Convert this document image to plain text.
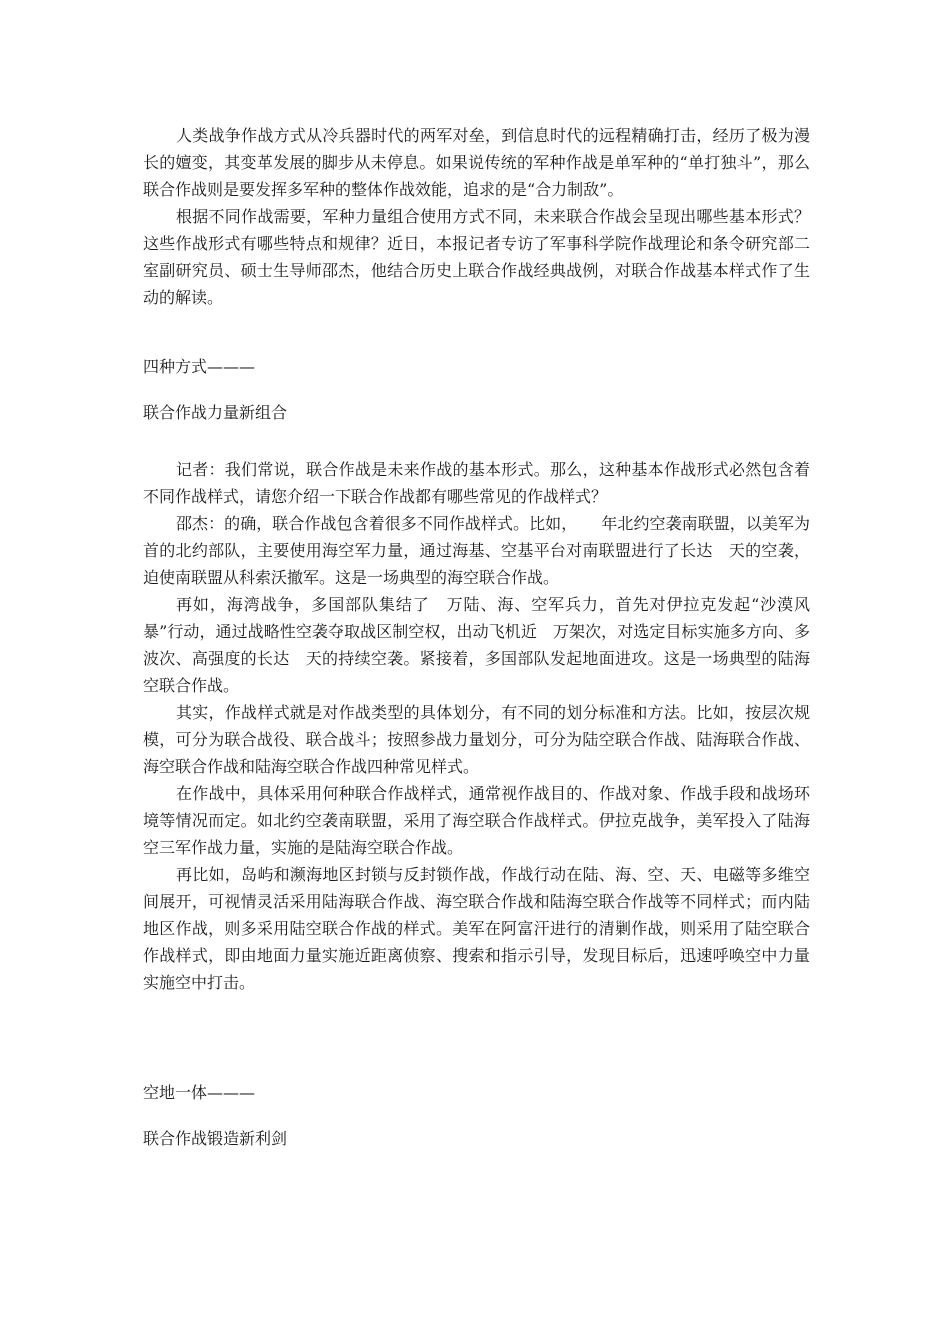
人类战争作战方式从冷兵器时代的两军对垒，到信息时代的远程精确打击，经历了极为漫长的嬗变，其变革发展的脚步从未停息。如果说传统的军种作战是单军种的“单打独斗”，那么联合作战则是要发挥多军种的整体作战效能，追求的是“合力制敌”。

根据不同作战需要，军种力量组合使用方式不同，未来联合作战会呈现出哪些基本形式？这些作战形式有哪些特点和规律？近日，本报记者专访了军事科学院作战理论和条令研究部二室副研究员、硕士生导师邵杰，他结合历史上联合作战经典战例，对联合作战基本样式作了生动的解读。

四种方式———

联合作战力量新组合

记者：我们常说，联合作战是未来作战的基本形式。那么，这种基本作战形式必然包含着不同作战样式，请您介绍一下联合作战都有哪些常见的作战样式？

邵杰：的确，联合作战包含着很多不同作战样式。比如，　　年北约空袭南联盟，以美军为首的北约部队，主要使用海空军力量，通过海基、空基平台对南联盟进行了长达　天的空袭，迫使南联盟从科索沃撤军。这是一场典型的海空联合作战。

再如，海湾战争，多国部队集结了　万陆、海、空军兵力，首先对伊拉克发起“沙漠风暴”行动，通过战略性空袭夺取战区制空权，出动飞机近　万架次，对选定目标实施多方向、多波次、高强度的长达　天的持续空袭。紧接着，多国部队发起地面进攻。这是一场典型的陆海空联合作战。

其实，作战样式就是对作战类型的具体划分，有不同的划分标准和方法。比如，按层次规模，可分为联合战役、联合战斗；按照参战力量划分，可分为陆空联合作战、陆海联合作战、海空联合作战和陆海空联合作战四种常见样式。

在作战中，具体采用何种联合作战样式，通常视作战目的、作战对象、作战手段和战场环境等情况而定。如北约空袭南联盟，采用了海空联合作战样式。伊拉克战争，美军投入了陆海空三军作战力量，实施的是陆海空联合作战。

再比如，岛屿和濒海地区封锁与反封锁作战，作战行动在陆、海、空、天、电磁等多维空间展开，可视情灵活采用陆海联合作战、海空联合作战和陆海空联合作战等不同样式；而内陆地区作战，则多采用陆空联合作战的样式。美军在阿富汗进行的清剿作战，则采用了陆空联合作战样式，即由地面力量实施近距离侦察、搜索和指示引导，发现目标后，迅速呼唤空中力量实施空中打击。

空地一体———

联合作战锻造新利剑
